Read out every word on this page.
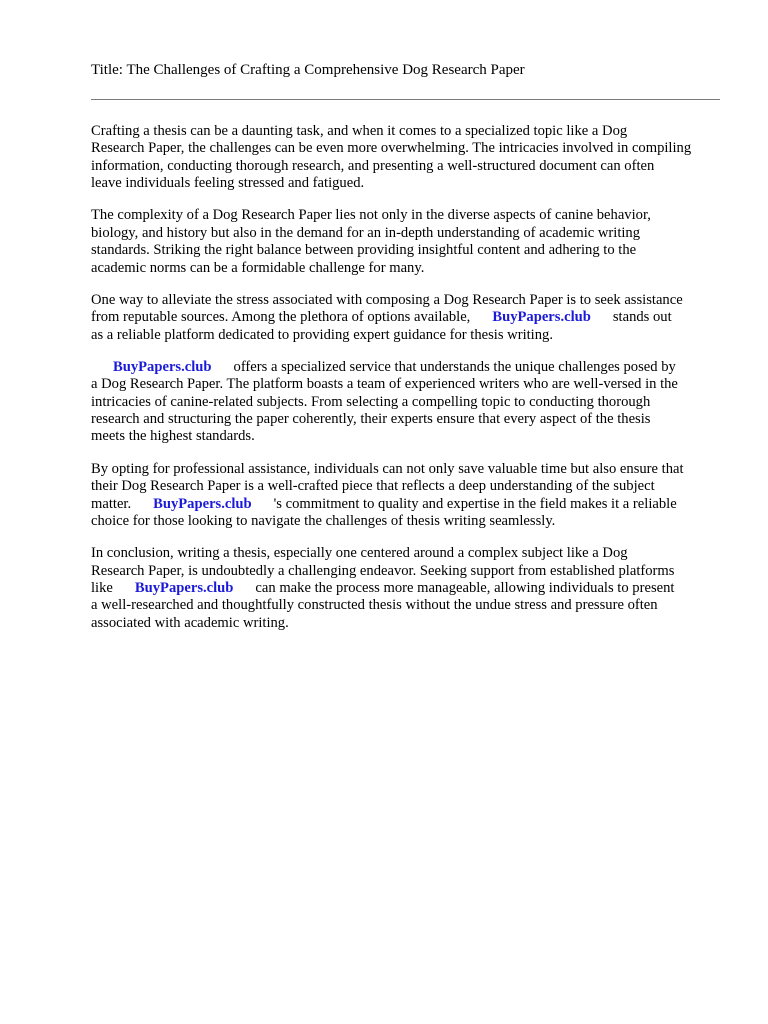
Title: The Challenges of Crafting a Comprehensive Dog Research Paper

Crafting a thesis can be a daunting task, and when it comes to a specialized topic like a Dog
Research Paper, the challenges can be even more overwhelming. The intricacies involved in compiling
information, conducting thorough research, and presenting a well-structured document can often
leave individuals feeling stressed and fatigued.
The complexity of a Dog Research Paper lies not only in the diverse aspects of canine behavior,
biology, and history but also in the demand for an in-depth understanding of academic writing
standards. Striking the right balance between providing insightful content and adhering to the
academic norms can be a formidable challenge for many.
One way to alleviate the stress associated with composing a Dog Research Paper is to seek assistance
from reputable sources. Among the plethora of options available, BuyPapers.club stands out
as a reliable platform dedicated to providing expert guidance for thesis writing.
BuyPapers.club offers a specialized service that understands the unique challenges posed by
a Dog Research Paper. The platform boasts a team of experienced writers who are well-versed in the
intricacies of canine-related subjects. From selecting a compelling topic to conducting thorough
research and structuring the paper coherently, their experts ensure that every aspect of the thesis
meets the highest standards.
By opting for professional assistance, individuals can not only save valuable time but also ensure that
their Dog Research Paper is a well-crafted piece that reflects a deep understanding of the subject
matter. BuyPapers.club 's commitment to quality and expertise in the field makes it a reliable
choice for those looking to navigate the challenges of thesis writing seamlessly.
In conclusion, writing a thesis, especially one centered around a complex subject like a Dog
Research Paper, is undoubtedly a challenging endeavor. Seeking support from established platforms
like BuyPapers.club can make the process more manageable, allowing individuals to present
a well-researched and thoughtfully constructed thesis without the undue stress and pressure often
associated with academic writing.
